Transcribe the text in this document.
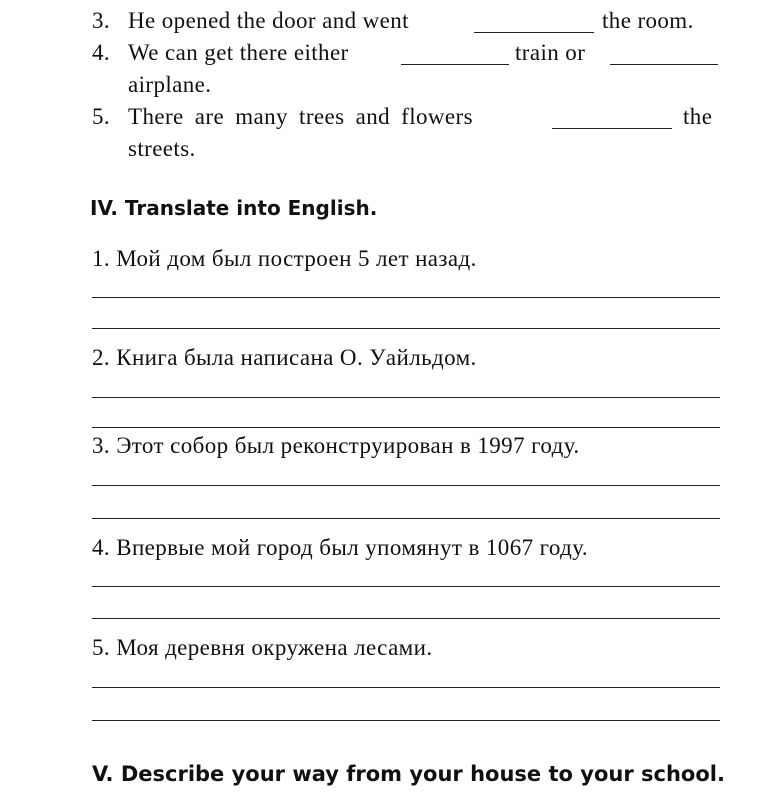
3. He opened the door and went	the room.
4. We can get there either	train or
airplane.
5. There are many trees and flowers	the
streets.
IV. Translate into English.
1. Мой дом был построен 5 лет назад.
2. Книга была написана О. Уайльдом.
3. Этот собор был реконструирован в 1997 году.
4. Впервые мой город был упомянут в 1067 году.
5. Моя деревня окружена лесами.
V. Describe your way from your house to your school.
